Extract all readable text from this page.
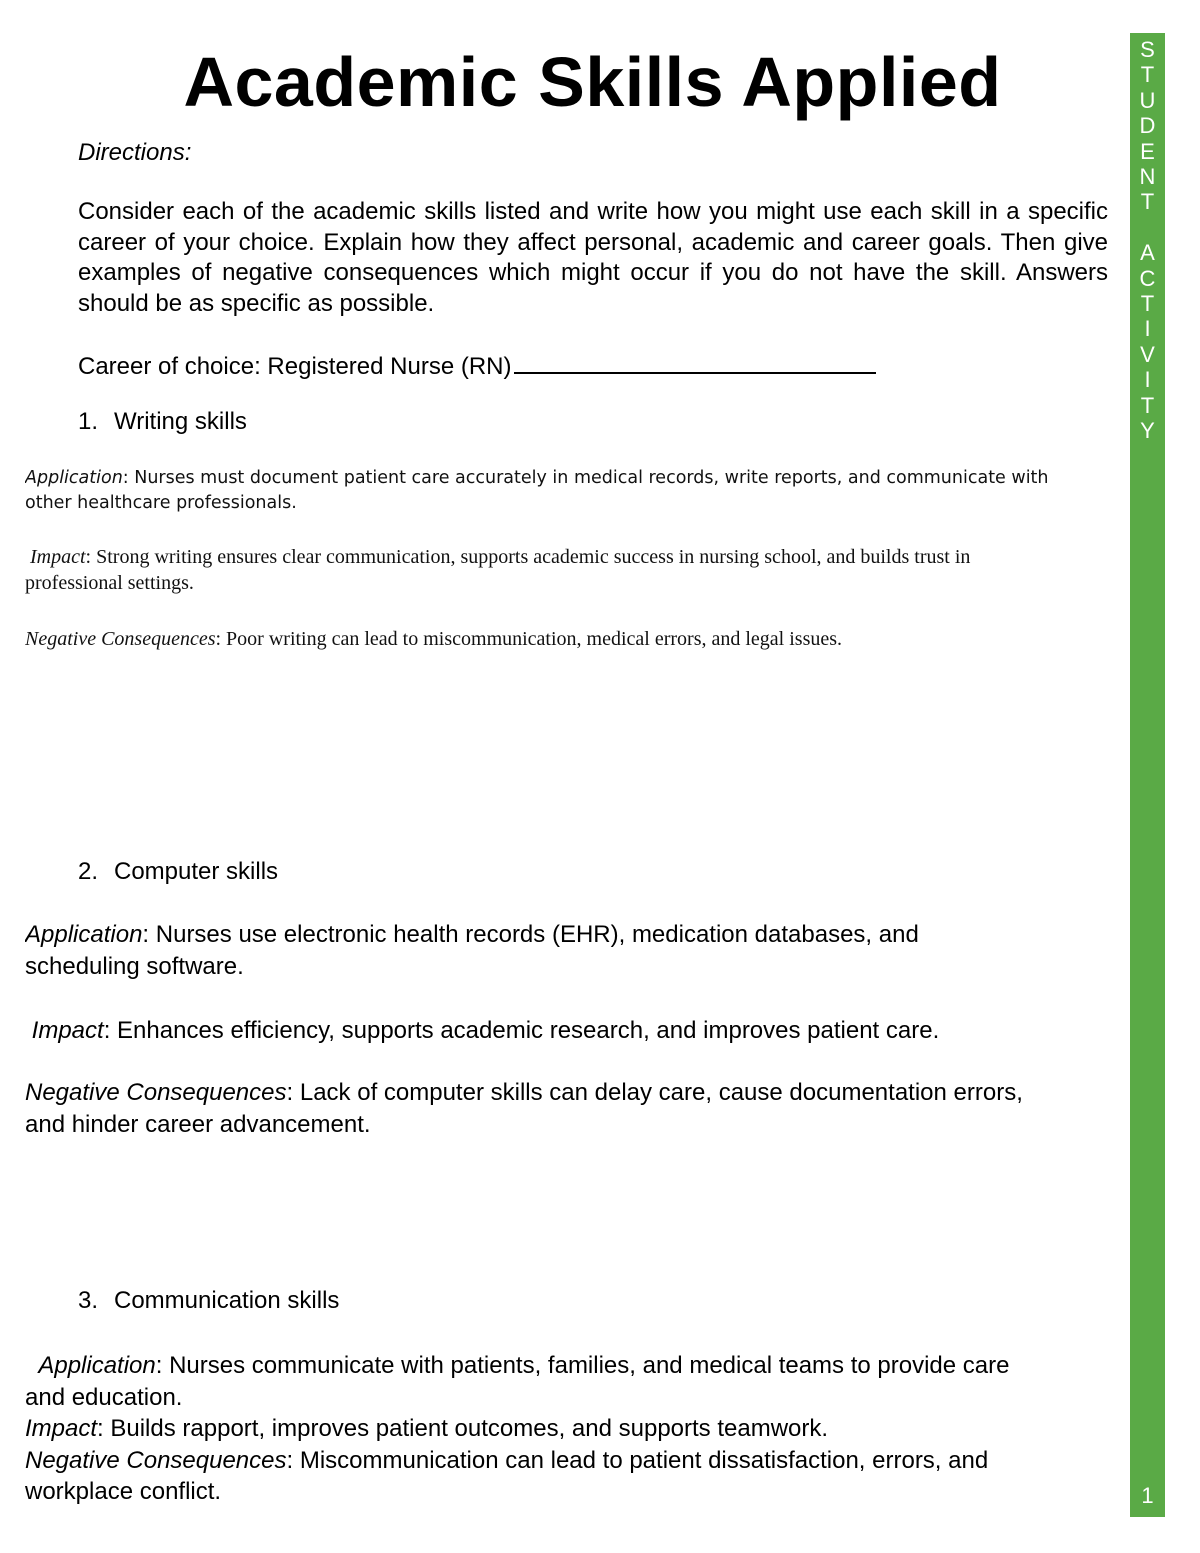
Academic Skills Applied
Directions:
Consider each of the academic skills listed and write how you might use each skill in a specific career of your choice. Explain how they affect personal, academic and career goals. Then give examples of negative consequences which might occur if you do not have the skill. Answers should be as specific as possible.
Career of choice: Registered Nurse (RN)
1. Writing skills
Application: Nurses must document patient care accurately in medical records, write reports, and communicate with
other healthcare professionals.
Impact: Strong writing ensures clear communication, supports academic success in nursing school, and builds trust in
professional settings.
Negative Consequences: Poor writing can lead to miscommunication, medical errors, and legal issues.
2. Computer skills
Application: Nurses use electronic health records (EHR), medication databases, and
scheduling software.
Impact: Enhances efficiency, supports academic research, and improves patient care.
Negative Consequences: Lack of computer skills can delay care, cause documentation errors,
and hinder career advancement.
3. Communication skills
Application: Nurses communicate with patients, families, and medical teams to provide care
and education.
Impact: Builds rapport, improves patient outcomes, and supports teamwork.
Negative Consequences: Miscommunication can lead to patient dissatisfaction, errors, and
workplace conflict.
S
T
U
D
E
N
T

A
C
T
I
V
I
T
Y
1
